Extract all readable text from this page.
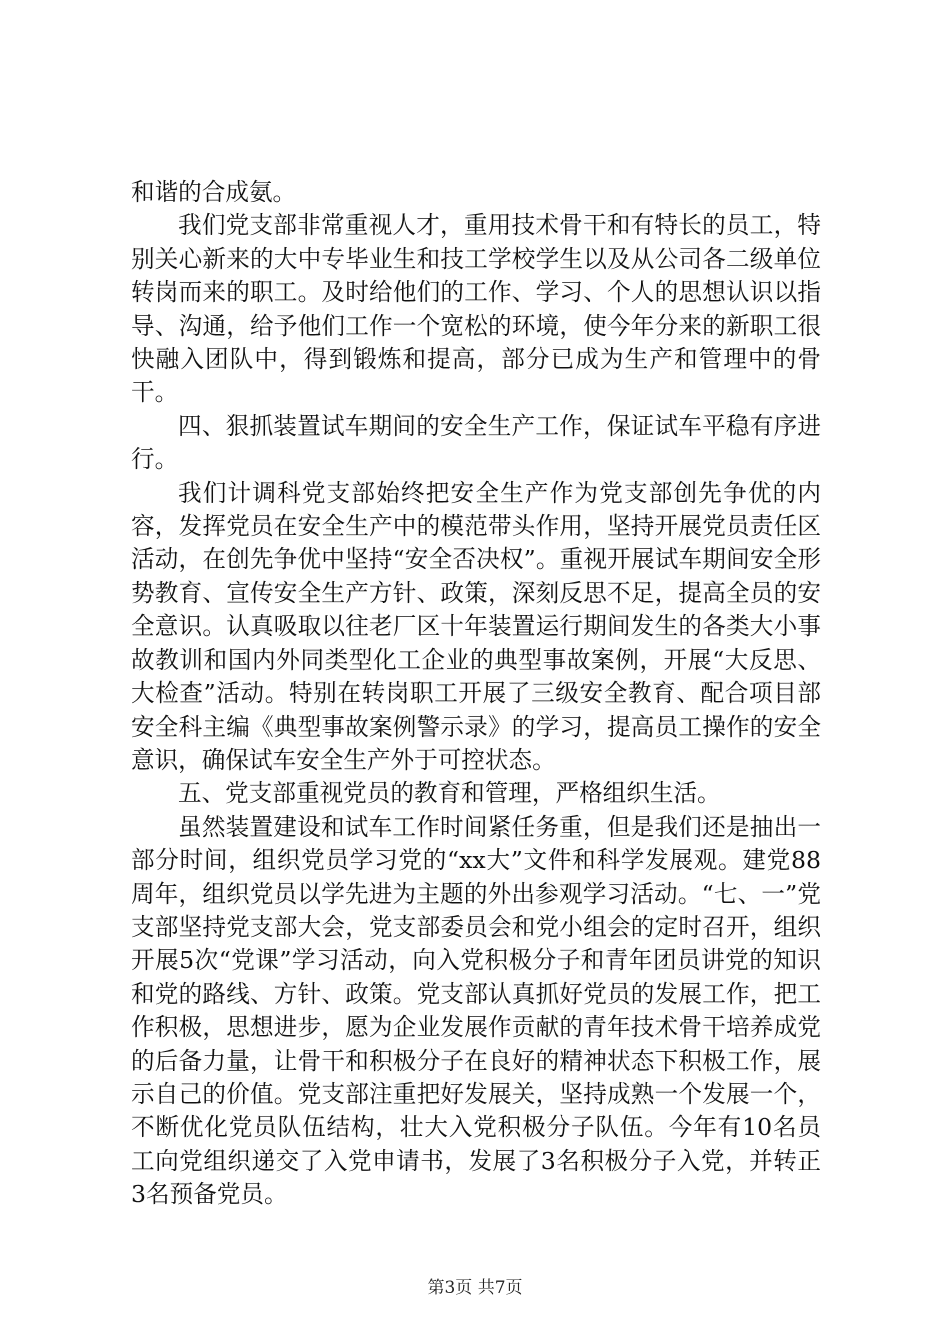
和谐的合成氨。

我们党支部非常重视人才，重用技术骨干和有特长的员工，特别关心新来的大中专毕业生和技工学校学生以及从公司各二级单位转岗而来的职工。及时给他们的工作、学习、个人的思想认识以指导、沟通，给予他们工作一个宽松的环境，使今年分来的新职工很快融入团队中，得到锻炼和提高，部分已成为生产和管理中的骨干。

四、狠抓装置试车期间的安全生产工作，保证试车平稳有序进行。

我们计调科党支部始终把安全生产作为党支部创先争优的内容，发挥党员在安全生产中的模范带头作用，坚持开展党员责任区活动，在创先争优中坚持“安全否决权”。重视开展试车期间安全形势教育、宣传安全生产方针、政策，深刻反思不足，提高全员的安全意识。认真吸取以往老厂区十年装置运行期间发生的各类大小事故教训和国内外同类型化工企业的典型事故案例，开展“大反思、大检查”活动。特别在转岗职工开展了三级安全教育、配合项目部安全科主编《典型事故案例警示录》的学习，提高员工操作的安全意识，确保试车安全生产外于可控状态。

五、党支部重视党员的教育和管理，严格组织生活。

虽然装置建设和试车工作时间紧任务重，但是我们还是抽出一部分时间，组织党员学习党的“xx大”文件和科学发展观。建党88周年，组织党员以学先进为主题的外出参观学习活动。“七、一”党支部坚持党支部大会，党支部委员会和党小组会的定时召开，组织开展5次“党课”学习活动，向入党积极分子和青年团员讲党的知识和党的路线、方针、政策。党支部认真抓好党员的发展工作，把工作积极，思想进步，愿为企业发展作贡献的青年技术骨干培养成党的后备力量，让骨干和积极分子在良好的精神状态下积极工作，展示自己的价值。党支部注重把好发展关，坚持成熟一个发展一个，不断优化党员队伍结构，壮大入党积极分子队伍。今年有10名员工向党组织递交了入党申请书，发展了3名积极分子入党，并转正3名预备党员。

第3页 共7页
